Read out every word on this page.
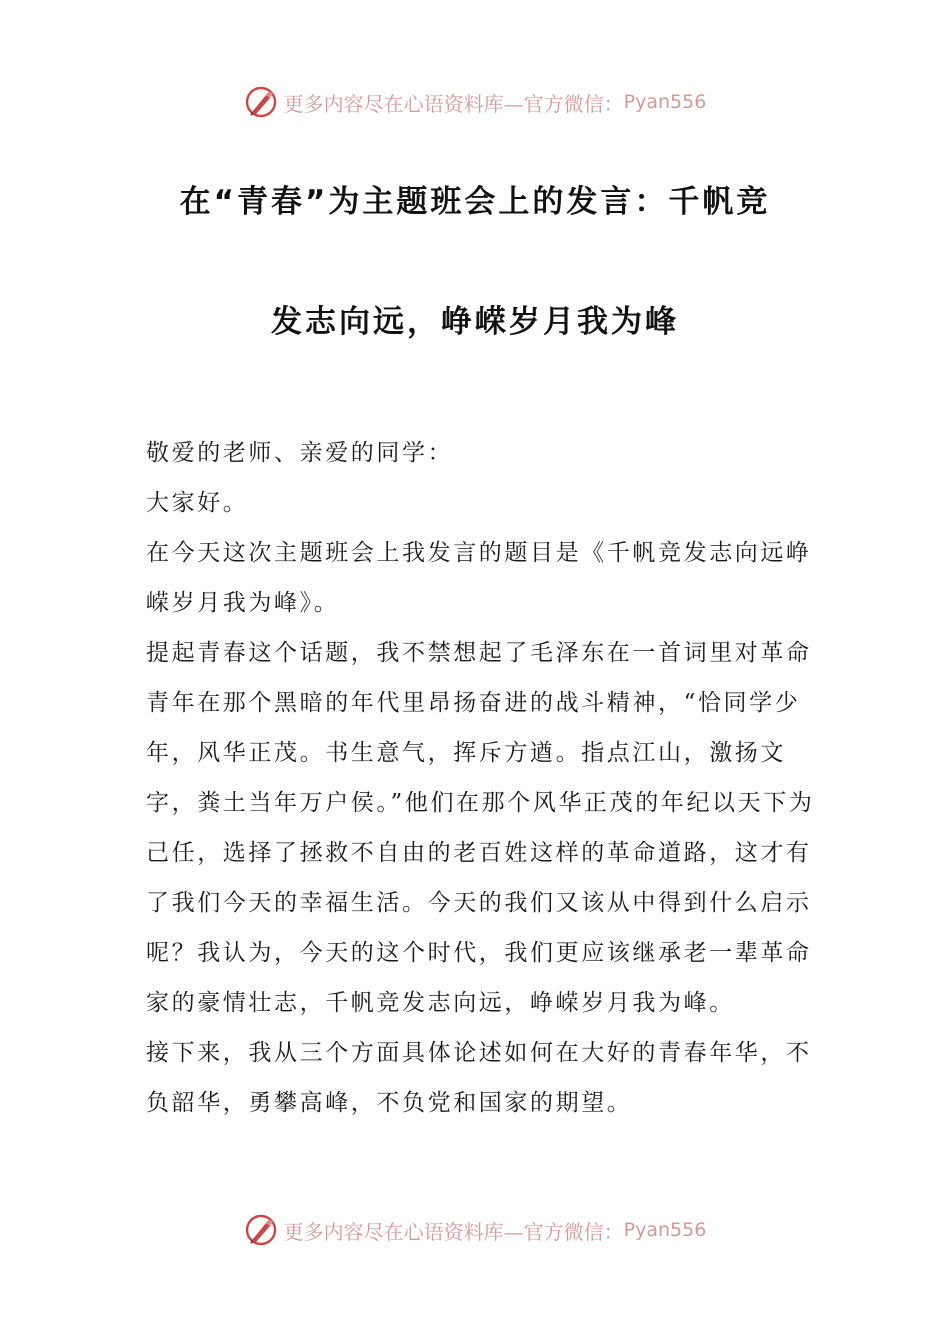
更多内容尽在心语资料库—官方微信： Pyan556
在“青春”为主题班会上的发言：千帆竞
发志向远，峥嵘岁月我为峰

敬爱的老师、亲爱的同学：

大家好。

在今天这次主题班会上我发言的题目是《千帆竞发志向远峥嵘岁月我为峰》。

提起青春这个话题，我不禁想起了毛泽东在一首词里对革命青年在那个黑暗的年代里昂扬奋进的战斗精神，“恰同学少年，风华正茂。书生意气，挥斥方遒。指点江山，激扬文字，粪土当年万户侯。”他们在那个风华正茂的年纪以天下为己任，选择了拯救不自由的老百姓这样的革命道路，这才有了我们今天的幸福生活。今天的我们又该从中得到什么启示呢？我认为，今天的这个时代，我们更应该继承老一辈革命家的豪情壮志，千帆竞发志向远，峥嵘岁月我为峰。

接下来，我从三个方面具体论述如何在大好的青春年华，不负韶华，勇攀高峰，不负党和国家的期望。

更多内容尽在心语资料库—官方微信： Pyan556
